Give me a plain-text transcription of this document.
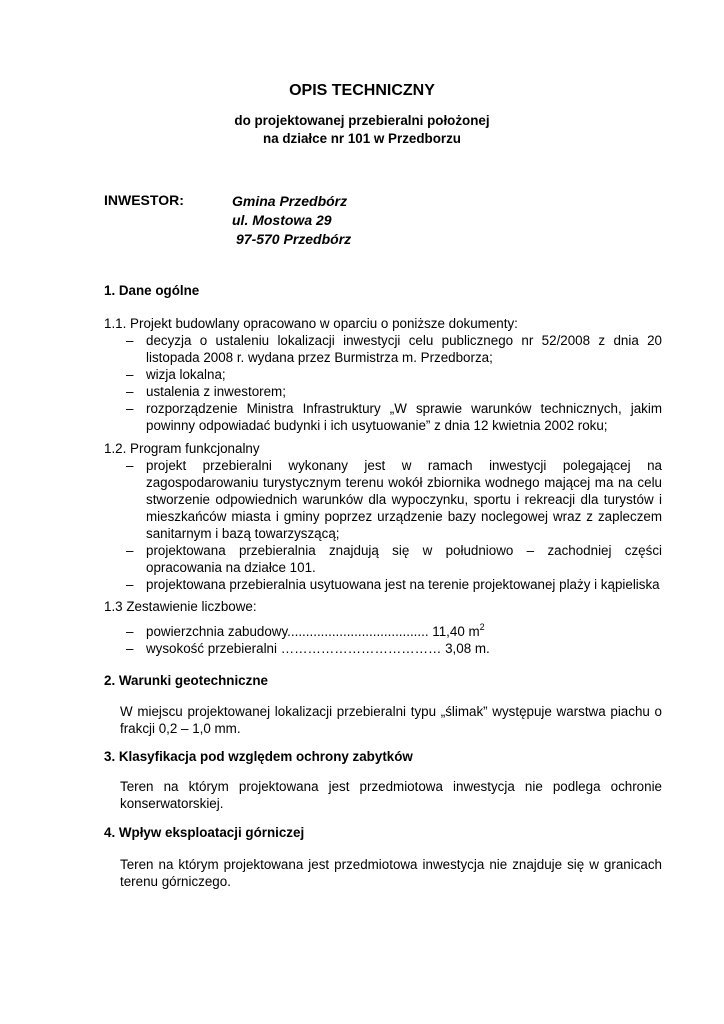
OPIS TECHNICZNY
do projektowanej przebieralni położonej
na działce nr 101 w Przedborzu
INWESTOR:	Gmina Przedbórz
ul. Mostowa 29
97-570 Przedbórz
1. Dane ogólne
1.1. Projekt budowlany opracowano w oparciu o poniższe dokumenty:
– decyzja o ustaleniu lokalizacji inwestycji celu publicznego nr 52/2008 z dnia 20 listopada 2008 r. wydana przez Burmistrza m. Przedborza;
– wizja lokalna;
– ustalenia z inwestorem;
– rozporządzenie Ministra Infrastruktury „W sprawie warunków technicznych, jakim powinny odpowiadać budynki i ich usytuowanie” z dnia 12 kwietnia 2002 roku;
1.2. Program funkcjonalny
– projekt przebieralni wykonany jest w ramach inwestycji polegającej na zagospodarowaniu turystycznym terenu wokół zbiornika wodnego mającej ma na celu stworzenie odpowiednich warunków dla wypoczynku, sportu i rekreacji dla turystów i mieszkańców miasta i gminy poprzez urządzenie bazy noclegowej wraz z zapleczem sanitarnym i bazą towarzyszącą;
– projektowana przebieralnia znajdują się w południowo – zachodniej części opracowania na działce 101.
– projektowana przebieralnia usytuowana jest na terenie projektowanej plaży i kąpieliska
1.3 Zestawienie liczbowe:
– powierzchnia zabudowy...................................... 11,40 $m^2$
– wysokość przebieralni ……………………………… 3,08 m.
2. Warunki geotechniczne
W miejscu projektowanej lokalizacji przebieralni typu „ślimak” występuje warstwa piachu o frakcji 0,2 – 1,0 mm.
3. Klasyfikacja pod względem ochrony zabytków
Teren na którym projektowana jest przedmiotowa inwestycja nie podlega ochronie konserwatorskiej.
4. Wpływ eksploatacji górniczej
Teren na którym projektowana jest przedmiotowa inwestycja nie znajduje się w granicach terenu górniczego.
